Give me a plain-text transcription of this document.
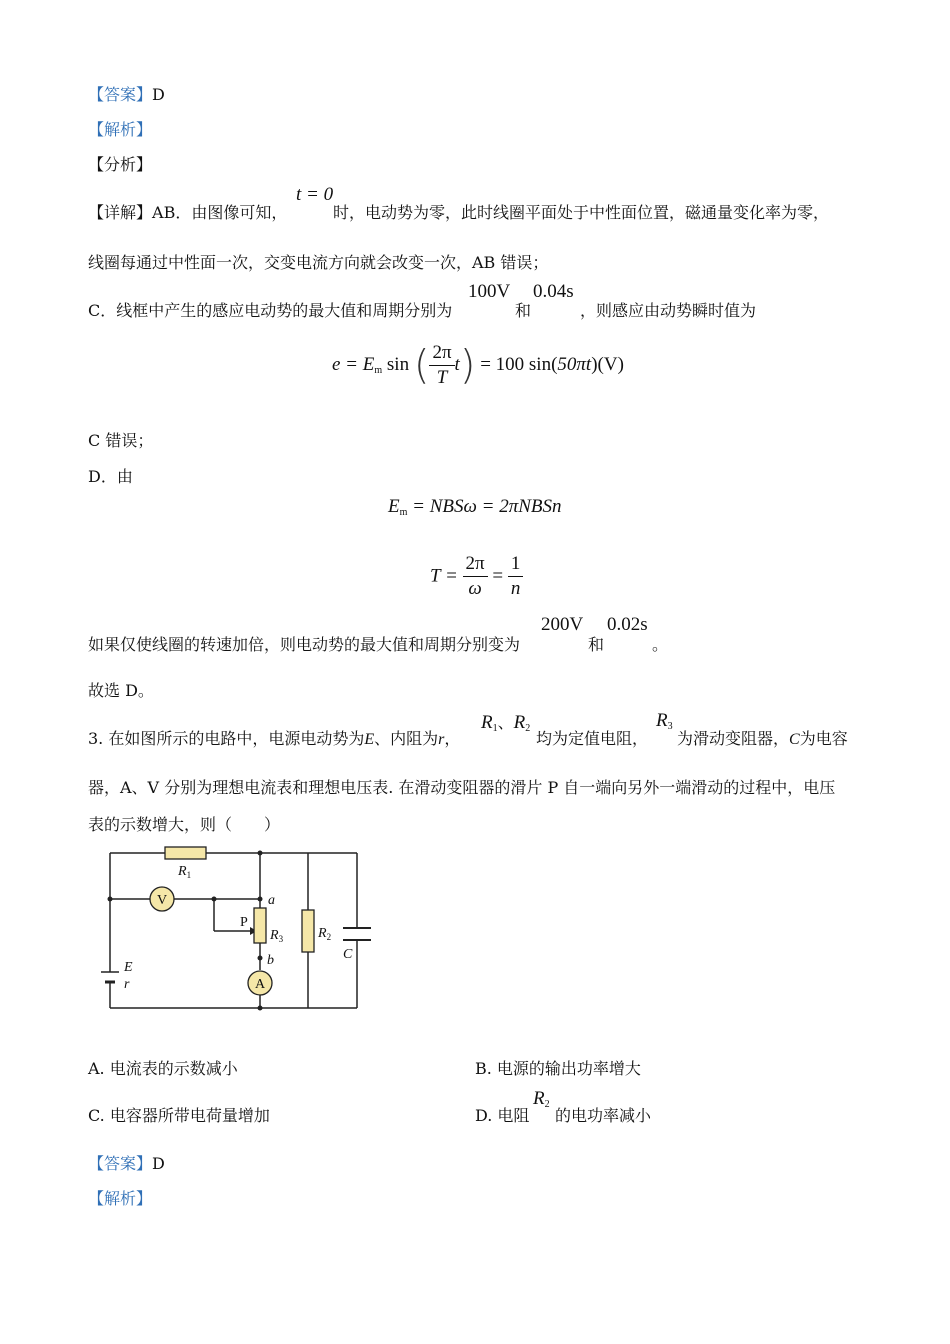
【答案】D
【解析】
【分析】
【详解】AB．由图像可知，
t = 0
时，电动势为零，此时线圈平面处于中性面位置，磁通量变化率为零，
线圈每通过中性面一次，交变电流方向就会改变一次，AB 错误；
C．线框中产生的感应电动势的最大值和周期分别为
100V
和
0.04s
，则感应由动势瞬时值为
$e = E_m$ sin ( $\frac{2\pi}{T} t) = 100$ sin(50πt)(V)
C 错误；
D．由
$E_m = NBS\omega$ = 2πNBSn
$T = \frac{2\pi}{\omega} = \frac{1}{n}$
如果仅使线圈的转速加倍，则电动势的最大值和周期分别变为
200V
和
0.02s
。
故选 D。
3. 在如图所示的电路中，电源电动势为E、内阻为r，
$R_1$、$R_2$
均为定值电阻，
$R_3$
为滑动变阻器，C为电容
器，A、V 分别为理想电流表和理想电压表. 在滑动变阻器的滑片 P 自一端向另外一端滑动的过程中，电压
表的示数增大，则（　　）
V
A
$R_1$
a
P
$R_3$
b
$R_2$
C
E
r
A. 电流表的示数减小	B. 电源的输出功率增大
C. 电容器所带电荷量增加	D. 电阻
$R_2$
的电功率减小
【答案】D
【解析】
